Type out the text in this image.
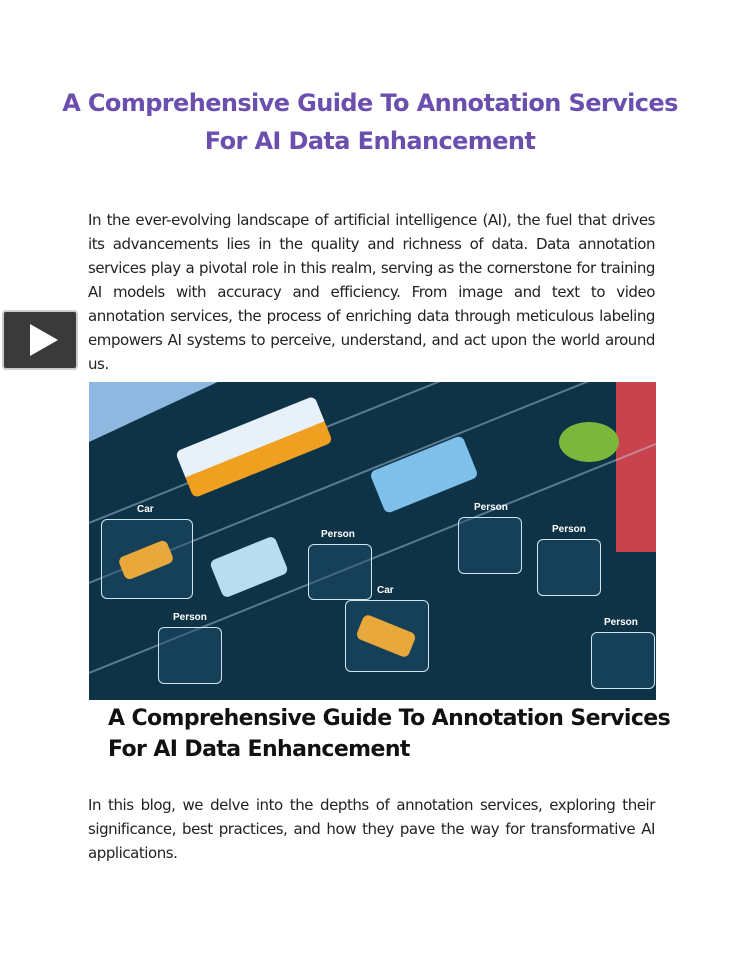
A Comprehensive Guide To Annotation Services
For AI Data Enhancement
In the ever-evolving landscape of artificial intelligence (AI), the fuel that drives its advancements lies in the quality and richness of data. Data annotation services play a pivotal role in this realm, serving as the cornerstone for training AI models with accuracy and efficiency. From image and text to video annotation services, the process of enriching data through meticulous labeling empowers AI systems to perceive, understand, and act upon the world around us.
Car
Person
Car
Person
Person
Person
Person
A Comprehensive Guide To Annotation Services
For AI Data Enhancement
In this blog, we delve into the depths of annotation services, exploring their significance, best practices, and how they pave the way for transformative AI applications.
